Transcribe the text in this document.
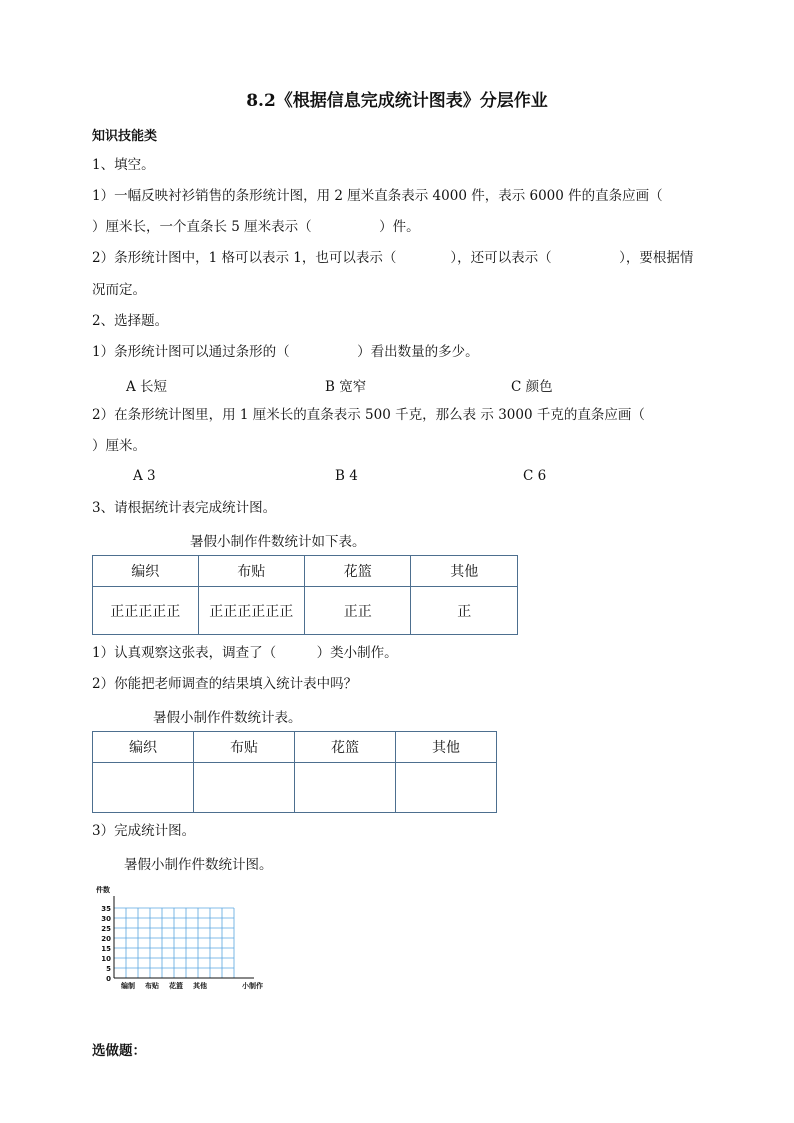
8.2《根据信息完成统计图表》分层作业
知识技能类
1、填空。
1）一幅反映衬衫销售的条形统计图，用 2 厘米直条表示 4000 件，表示 6000 件的直条应画（
）厘米长，一个直条长 5 厘米表示（　　　　　）件。
2）条形统计图中，1 格可以表示 1，也可以表示（　　　　），还可以表示（　　　　　），要根据情
况而定。
2、选择题。
1）条形统计图可以通过条形的（　　　　　）看出数量的多少。
A 长短	B 宽窄	C 颜色
2）在条形统计图里，用 1 厘米长的直条表示 500 千克，那么表 示 3000 千克的直条应画（
）厘米。
A 3	B 4	C 6
3、请根据统计表完成统计图。
暑假小制作件数统计如下表。
编织	布贴	花篮	其他
正正正正正	正正正正正正	正正	正
1）认真观察这张表，调查了（　　　）类小制作。
2）你能把老师调查的结果填入统计表中吗？
暑假小制作件数统计表。
编织	布贴	花篮	其他

3）完成统计图。
暑假小制作件数统计图。
0
5
10
15
20
25
30
35
件数
小制作
编制 布贴 花篮 其他
选做题：
